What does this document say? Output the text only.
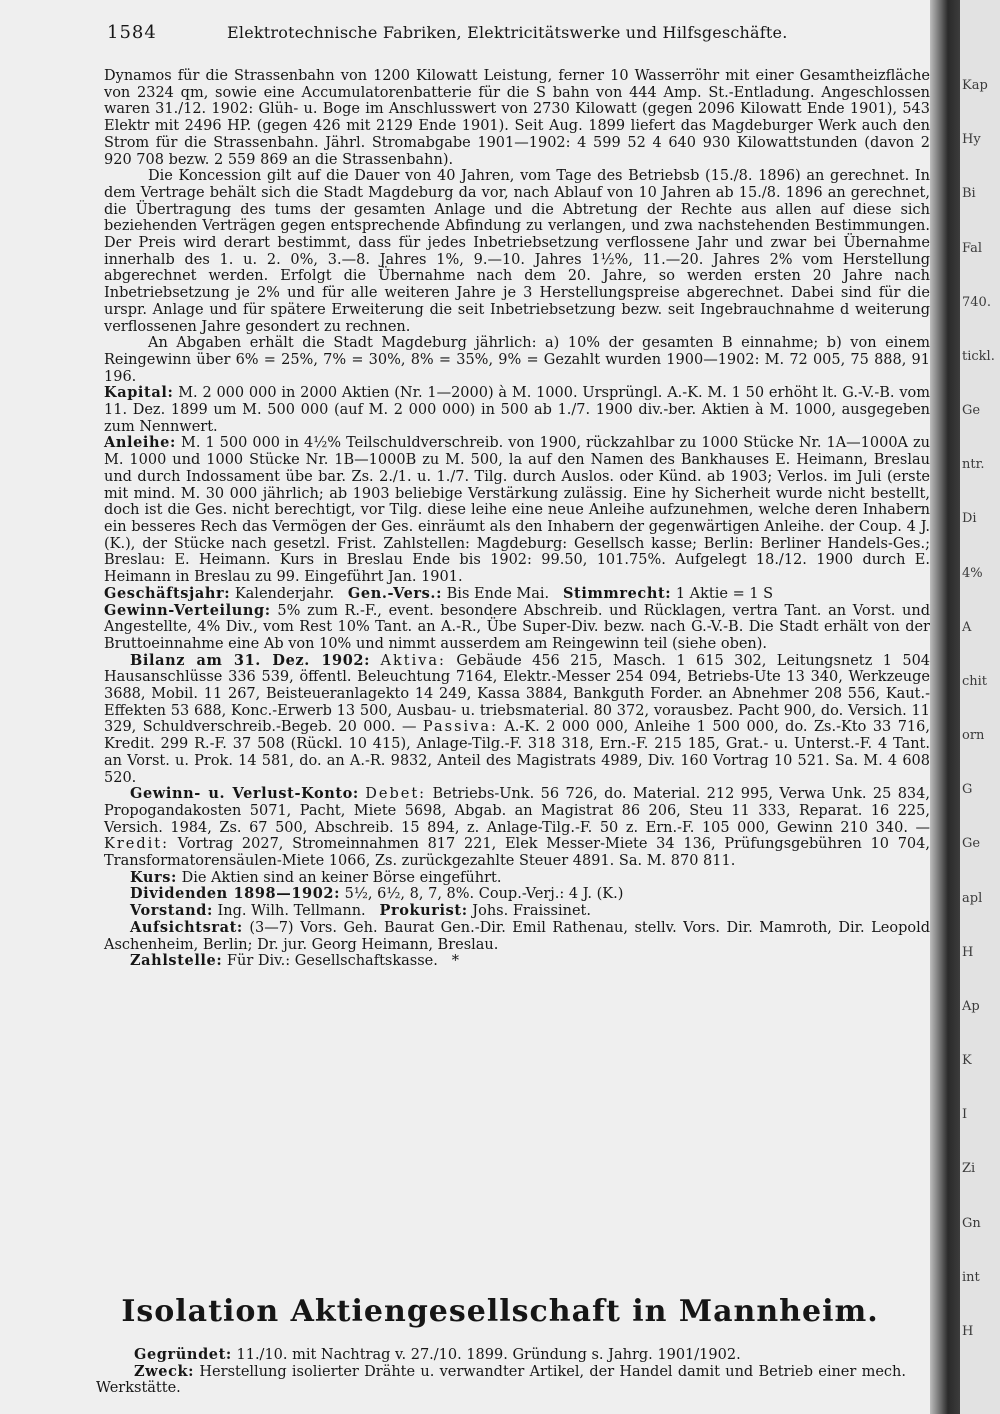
1584	Elektrotechnische Fabriken, Elektricitätswerke und Hilfsgeschäfte.

Dynamos für die Strassenbahn von 1200 Kilowatt Leistung, ferner 10 Wasserröhr mit einer Gesamtheizfläche von 2324 qm, sowie eine Accumulatorenbatterie für die S bahn von 444 Amp. St.-Entladung. Angeschlossen waren 31./12. 1902: Glüh- u. Boge im Anschlusswert von 2730 Kilowatt (gegen 2096 Kilowatt Ende 1901), 543 Elektr mit 2496 HP. (gegen 426 mit 2129 Ende 1901). Seit Aug. 1899 liefert das Magdeburger Werk auch den Strom für die Strassenbahn. Jährl. Stromabgabe 1901—1902: 4 599 52 4 640 930 Kilowattstunden (davon 2 920 708 bezw. 2 559 869 an die Strassenbahn).

Die Koncession gilt auf die Dauer von 40 Jahren, vom Tage des Betriebsb (15./8. 1896) an gerechnet. In dem Vertrage behält sich die Stadt Magdeburg da vor, nach Ablauf von 10 Jahren ab 15./8. 1896 an gerechnet, die Übertragung des tums der gesamten Anlage und die Abtretung der Rechte aus allen auf diese sich beziehenden Verträgen gegen entsprechende Abfindung zu verlangen, und zwa nachstehenden Bestimmungen. Der Preis wird derart bestimmt, dass für jedes Inbetriebsetzung verflossene Jahr und zwar bei Übernahme innerhalb des 1. u. 2. 0%, 3.—8. Jahres 1%, 9.—10. Jahres 1½%, 11.—20. Jahres 2% vom Herstellung abgerechnet werden. Erfolgt die Übernahme nach dem 20. Jahre, so werden ersten 20 Jahre nach Inbetriebsetzung je 2% und für alle weiteren Jahre je 3 Herstellungspreise abgerechnet. Dabei sind für die urspr. Anlage und für spätere Erweiterung die seit Inbetriebsetzung bezw. seit Ingebrauchnahme d weiterung verflossenen Jahre gesondert zu rechnen.

An Abgaben erhält die Stadt Magdeburg jährlich: a) 10% der gesamten B einnahme; b) von einem Reingewinn über 6% = 25%, 7% = 30%, 8% = 35%, 9% = Gezahlt wurden 1900—1902: M. 72 005, 75 888, 91 196.

Kapital: M. 2 000 000 in 2000 Aktien (Nr. 1—2000) à M. 1000. Ursprüngl. A.-K. M. 1 50 erhöht lt. G.-V.-B. vom 11. Dez. 1899 um M. 500 000 (auf M. 2 000 000) in 500 ab 1./7. 1900 div.-ber. Aktien à M. 1000, ausgegeben zum Nennwert.

Anleihe: M. 1 500 000 in 4½% Teilschuldverschreib. von 1900, rückzahlbar zu 1000 Stücke Nr. 1A—1000A zu M. 1000 und 1000 Stücke Nr. 1B—1000B zu M. 500, la auf den Namen des Bankhauses E. Heimann, Breslau und durch Indossament übe bar. Zs. 2./1. u. 1./7. Tilg. durch Auslos. oder Künd. ab 1903; Verlos. im Juli (erste mit mind. M. 30 000 jährlich; ab 1903 beliebige Verstärkung zulässig. Eine hy Sicherheit wurde nicht bestellt, doch ist die Ges. nicht berechtigt, vor Tilg. diese leihe eine neue Anleihe aufzunehmen, welche deren Inhabern ein besseres Rech das Vermögen der Ges. einräumt als den Inhabern der gegenwärtigen Anleihe. der Coup. 4 J. (K.), der Stücke nach gesetzl. Frist. Zahlstellen: Magdeburg: Gesellsch kasse; Berlin: Berliner Handels-Ges.; Breslau: E. Heimann. Kurs in Breslau Ende bis 1902: 99.50, 101.75%. Aufgelegt 18./12. 1900 durch E. Heimann in Breslau zu 99. Eingeführt Jan. 1901.

Geschäftsjahr: Kalenderjahr. Gen.-Vers.: Bis Ende Mai. Stimmrecht: 1 Aktie = 1 S

Gewinn-Verteilung: 5% zum R.-F., event. besondere Abschreib. und Rücklagen, vertra Tant. an Vorst. und Angestellte, 4% Div., vom Rest 10% Tant. an A.-R., Übe Super-Div. bezw. nach G.-V.-B. Die Stadt erhält von der Bruttoeinnahme eine Ab von 10% und nimmt ausserdem am Reingewinn teil (siehe oben).

Bilanz am 31. Dez. 1902: Aktiva: Gebäude 456 215, Masch. 1 615 302, Leitungsnetz 1 504 Hausanschlüsse 336 539, öffentl. Beleuchtung 7164, Elektr.-Messer 254 094, Betriebs-Ute 13 340, Werkzeuge 3688, Mobil. 11 267, Beisteueranlagekto 14 249, Kassa 3884, Bankguth Forder. an Abnehmer 208 556, Kaut.-Effekten 53 688, Konc.-Erwerb 13 500, Ausbau- u. triebsmaterial. 80 372, vorausbez. Pacht 900, do. Versich. 11 329, Schuldverschreib.-Begeb. 20 000. — Passiva: A.-K. 2 000 000, Anleihe 1 500 000, do. Zs.-Kto 33 716, Kredit. 299 R.-F. 37 508 (Rückl. 10 415), Anlage-Tilg.-F. 318 318, Ern.-F. 215 185, Grat.- u. Unterst.-F. 4 Tant. an Vorst. u. Prok. 14 581, do. an A.-R. 9832, Anteil des Magistrats 4989, Div. 160 Vortrag 10 521. Sa. M. 4 608 520.

Gewinn- u. Verlust-Konto: Debet: Betriebs-Unk. 56 726, do. Material. 212 995, Verwa Unk. 25 834, Propogandakosten 5071, Pacht, Miete 5698, Abgab. an Magistrat 86 206, Steu 11 333, Reparat. 16 225, Versich. 1984, Zs. 67 500, Abschreib. 15 894, z. Anlage-Tilg.-F. 50 z. Ern.-F. 105 000, Gewinn 210 340. — Kredit: Vortrag 2027, Stromeinnahmen 817 221, Elek Messer-Miete 34 136, Prüfungsgebühren 10 704, Transformatorensäulen-Miete 1066, Zs. zurückgezahlte Steuer 4891. Sa. M. 870 811.

Kurs: Die Aktien sind an keiner Börse eingeführt.

Dividenden 1898—1902: 5½, 6½, 8, 7, 8%. Coup.-Verj.: 4 J. (K.)

Vorstand: Ing. Wilh. Tellmann. Prokurist: Johs. Fraissinet.

Aufsichtsrat: (3—7) Vors. Geh. Baurat Gen.-Dir. Emil Rathenau, stellv. Vors. Dir. Mamroth, Dir. Leopold Aschenheim, Berlin; Dr. jur. Georg Heimann, Breslau.

Zahlstelle: Für Div.: Gesellschaftskasse. *

Isolation Aktiengesellschaft in Mannheim.

Gegründet: 11./10. mit Nachtrag v. 27./10. 1899. Gründung s. Jahrg. 1901/1902.

Zweck: Herstellung isolierter Drähte u. verwandter Artikel, der Handel damit und Betrieb einer mech. Werkstätte.

Kap
Hy
Bi
Fal
740.
tickl.
Ge
ntr.
Di
4%
A
chit
orn
G
Ge
apl
H
Ap
K
I
Zi
Gn
int
H
